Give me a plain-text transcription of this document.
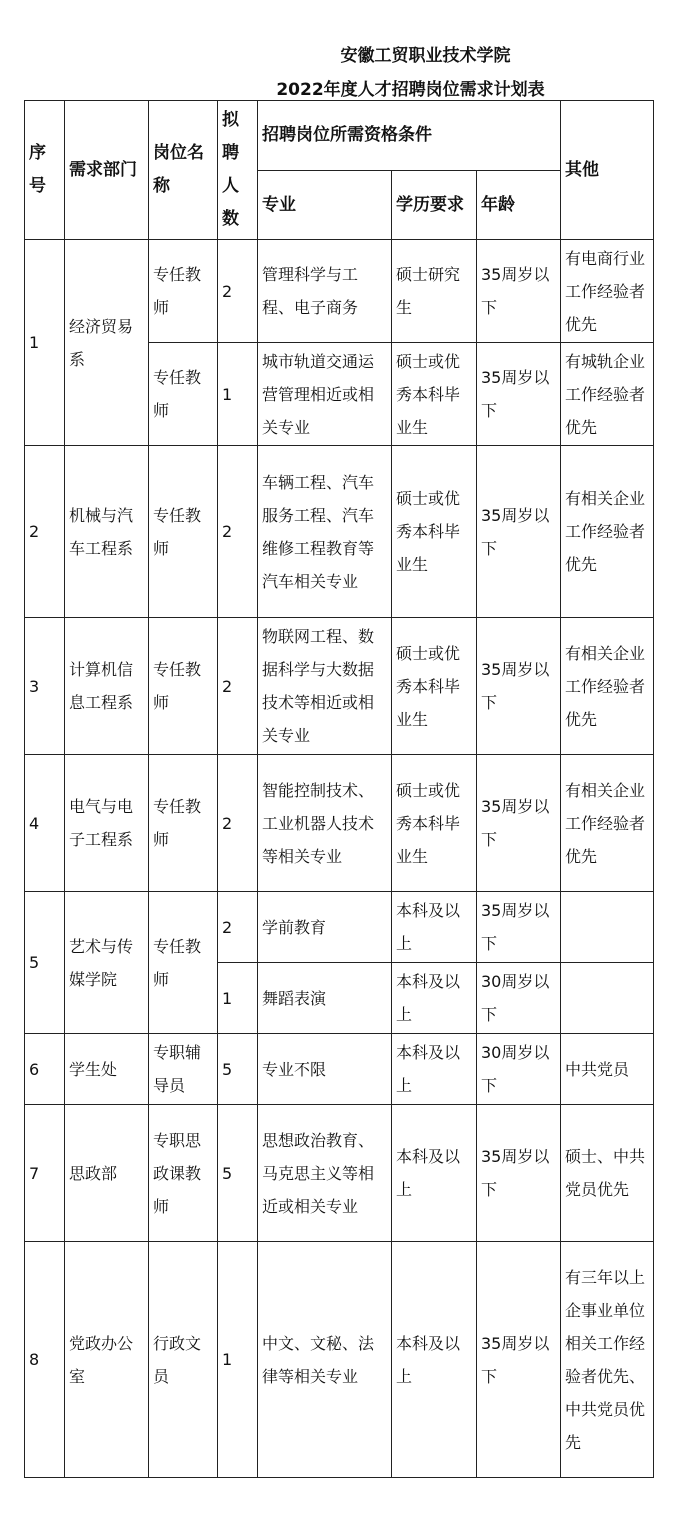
安徽工贸职业技术学院
2022年度人才招聘岗位需求计划表
序号	需求部门	岗位名称	拟聘人数	招聘岗位所需资格条件			其他
				专业	学历要求	年龄	
1	经济贸易系	专任教师	2	管理科学与工程、电子商务	硕士研究生	35周岁以下	有电商行业工作经验者优先
		专任教师	1	城市轨道交通运营管理相近或相关专业	硕士或优秀本科毕业生	35周岁以下	有城轨企业工作经验者优先
2	机械与汽车工程系	专任教师	2	车辆工程、汽车服务工程、汽车维修工程教育等汽车相关专业	硕士或优秀本科毕业生	35周岁以下	有相关企业工作经验者优先
3	计算机信息工程系	专任教师	2	物联网工程、数据科学与大数据技术等相近或相关专业	硕士或优秀本科毕业生	35周岁以下	有相关企业工作经验者优先
4	电气与电子工程系	专任教师	2	智能控制技术、工业机器人技术等相关专业	硕士或优秀本科毕业生	35周岁以下	有相关企业工作经验者优先
5	艺术与传媒学院	专任教师	2	学前教育	本科及以上	35周岁以下	
			1	舞蹈表演	本科及以上	30周岁以下	
6	学生处	专职辅导员	5	专业不限	本科及以上	30周岁以下	中共党员
7	思政部	专职思政课教师	5	思想政治教育、马克思主义等相近或相关专业	本科及以上	35周岁以下	硕士、中共党员优先
8	党政办公室	行政文员	1	中文、文秘、法律等相关专业	本科及以上	35周岁以下	有三年以上企事业单位相关工作经验者优先、中共党员优先
